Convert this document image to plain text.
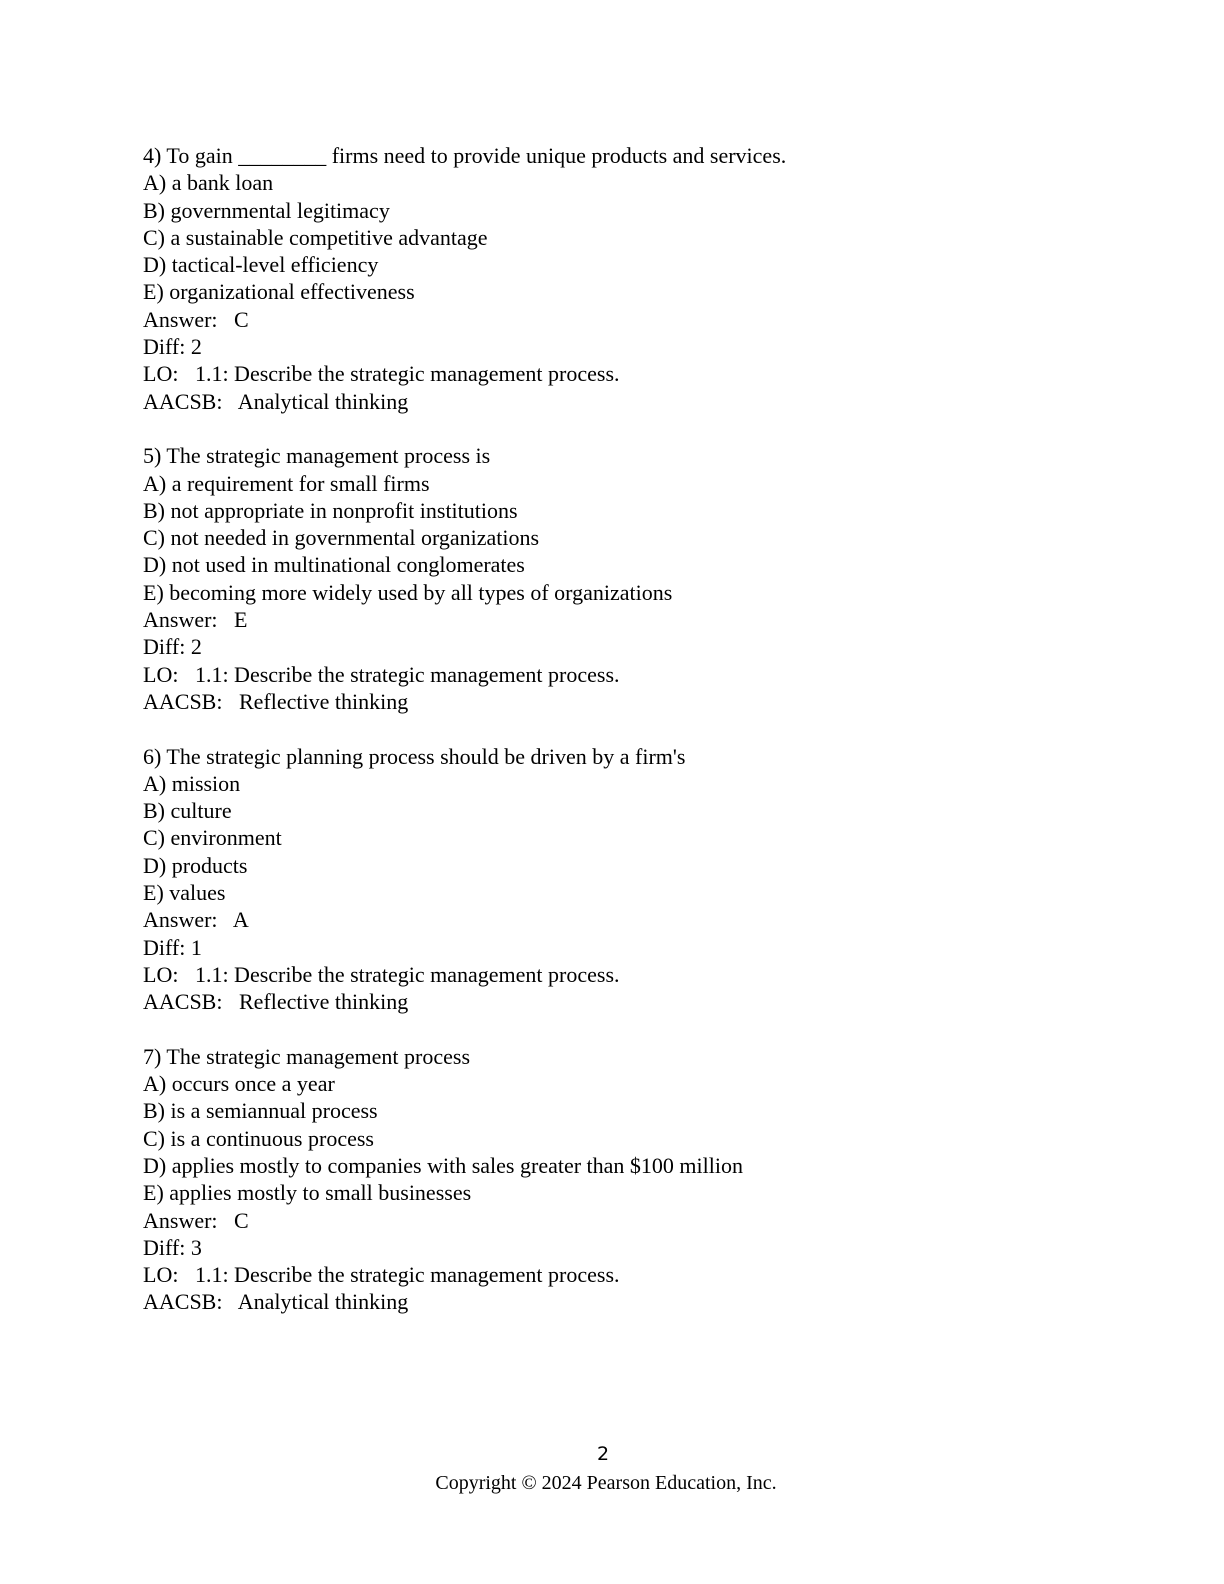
4) To gain ________ firms need to provide unique products and services.
A) a bank loan
B) governmental legitimacy
C) a sustainable competitive advantage
D) tactical-level efficiency
E) organizational effectiveness
Answer:   C
Diff: 2
LO:   1.1: Describe the strategic management process.
AACSB:   Analytical thinking
5) The strategic management process is
A) a requirement for small firms
B) not appropriate in nonprofit institutions
C) not needed in governmental organizations
D) not used in multinational conglomerates
E) becoming more widely used by all types of organizations
Answer:   E
Diff: 2
LO:   1.1: Describe the strategic management process.
AACSB:   Reflective thinking
6) The strategic planning process should be driven by a firm's
A) mission
B) culture
C) environment
D) products
E) values
Answer:   A
Diff: 1
LO:   1.1: Describe the strategic management process.
AACSB:   Reflective thinking
7) The strategic management process
A) occurs once a year
B) is a semiannual process
C) is a continuous process
D) applies mostly to companies with sales greater than $100 million
E) applies mostly to small businesses
Answer:   C
Diff: 3
LO:   1.1: Describe the strategic management process.
AACSB:   Analytical thinking
2
Copyright © 2024 Pearson Education, Inc.
